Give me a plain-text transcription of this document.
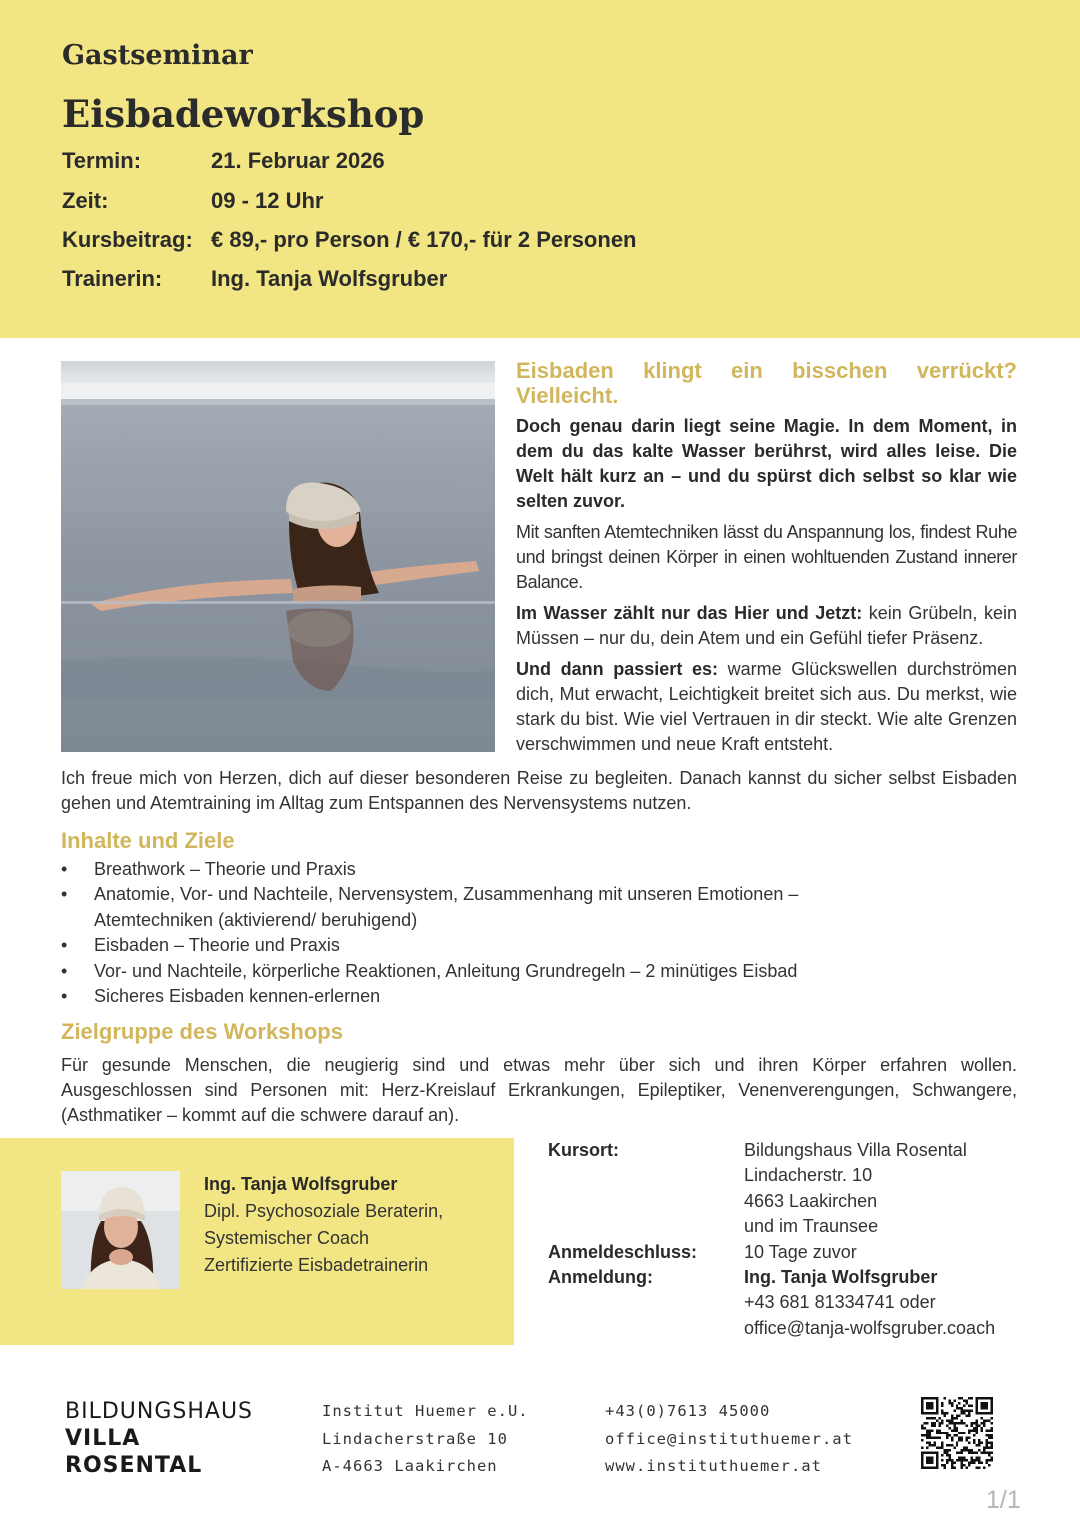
Gastseminar
Eisbadeworkshop
Termin:	21. Februar 2026
Zeit:	09 - 12 Uhr
Kursbeitrag: € 89,- pro Person / € 170,- für 2 Personen
Trainerin: Ing. Tanja Wolfsgruber
Eisbaden klingt ein bisschen verrückt?
Vielleicht.

Doch genau darin liegt seine Magie. In dem Moment, in dem du das kalte Wasser berührst, wird alles leise. Die Welt hält kurz an – und du spürst dich selbst so klar wie selten zuvor.

Mit sanften Atemtechniken lässt du Anspannung los, findest Ruhe und bringst deinen Körper in einen wohltuenden Zustand innerer Balance.

Im Wasser zählt nur das Hier und Jetzt: kein Grübeln, kein Müssen – nur du, dein Atem und ein Gefühl tiefer Präsenz.

Und dann passiert es: warme Glückswellen durchströmen dich, Mut erwacht, Leichtigkeit breitet sich aus. Du merkst, wie stark du bist. Wie viel Vertrauen in dir steckt. Wie alte Grenzen verschwimmen und neue Kraft entsteht.

Ich freue mich von Herzen, dich auf dieser besonderen Reise zu begleiten. Danach kannst du sicher selbst Eisbaden gehen und Atemtraining im Alltag zum Entspannen des Nervensystems nutzen.
Inhalte und Ziele
• Breathwork – Theorie und Praxis
• Anatomie, Vor- und Nachteile, Nervensystem, Zusammenhang mit unseren Emotionen – Atemtechniken (aktivierend/ beruhigend)
• Eisbaden – Theorie und Praxis
• Vor- und Nachteile, körperliche Reaktionen, Anleitung Grundregeln – 2 minütiges Eisbad
• Sicheres Eisbaden kennen-erlernen
Zielgruppe des Workshops
Für gesunde Menschen, die neugierig sind und etwas mehr über sich und ihren Körper erfahren wollen. Ausgeschlossen sind Personen mit: Herz-Kreislauf Erkrankungen, Epileptiker, Venenverengungen, Schwangere, (Asthmatiker – kommt auf die schwere darauf an).
Ing. Tanja Wolfsgruber
Dipl. Psychosoziale Beraterin,
Systemischer Coach
Zertifizierte Eisbadetrainerin
Kursort:	Bildungshaus Villa Rosental
Lindacherstr. 10
4663 Laakirchen
und im Traunsee
Anmeldeschluss:	10 Tage zuvor
Anmeldung:	Ing. Tanja Wolfsgruber
+43 681 81334741 oder
office@tanja-wolfsgruber.coach
BILDUNGSHAUS
VILLA
ROSENTAL
Institut Huemer e.U.
Lindacherstraße 10
A-4663 Laakirchen
+43(0)7613 45000
office@instituthuemer.at
www.instituthuemer.at
1/1
